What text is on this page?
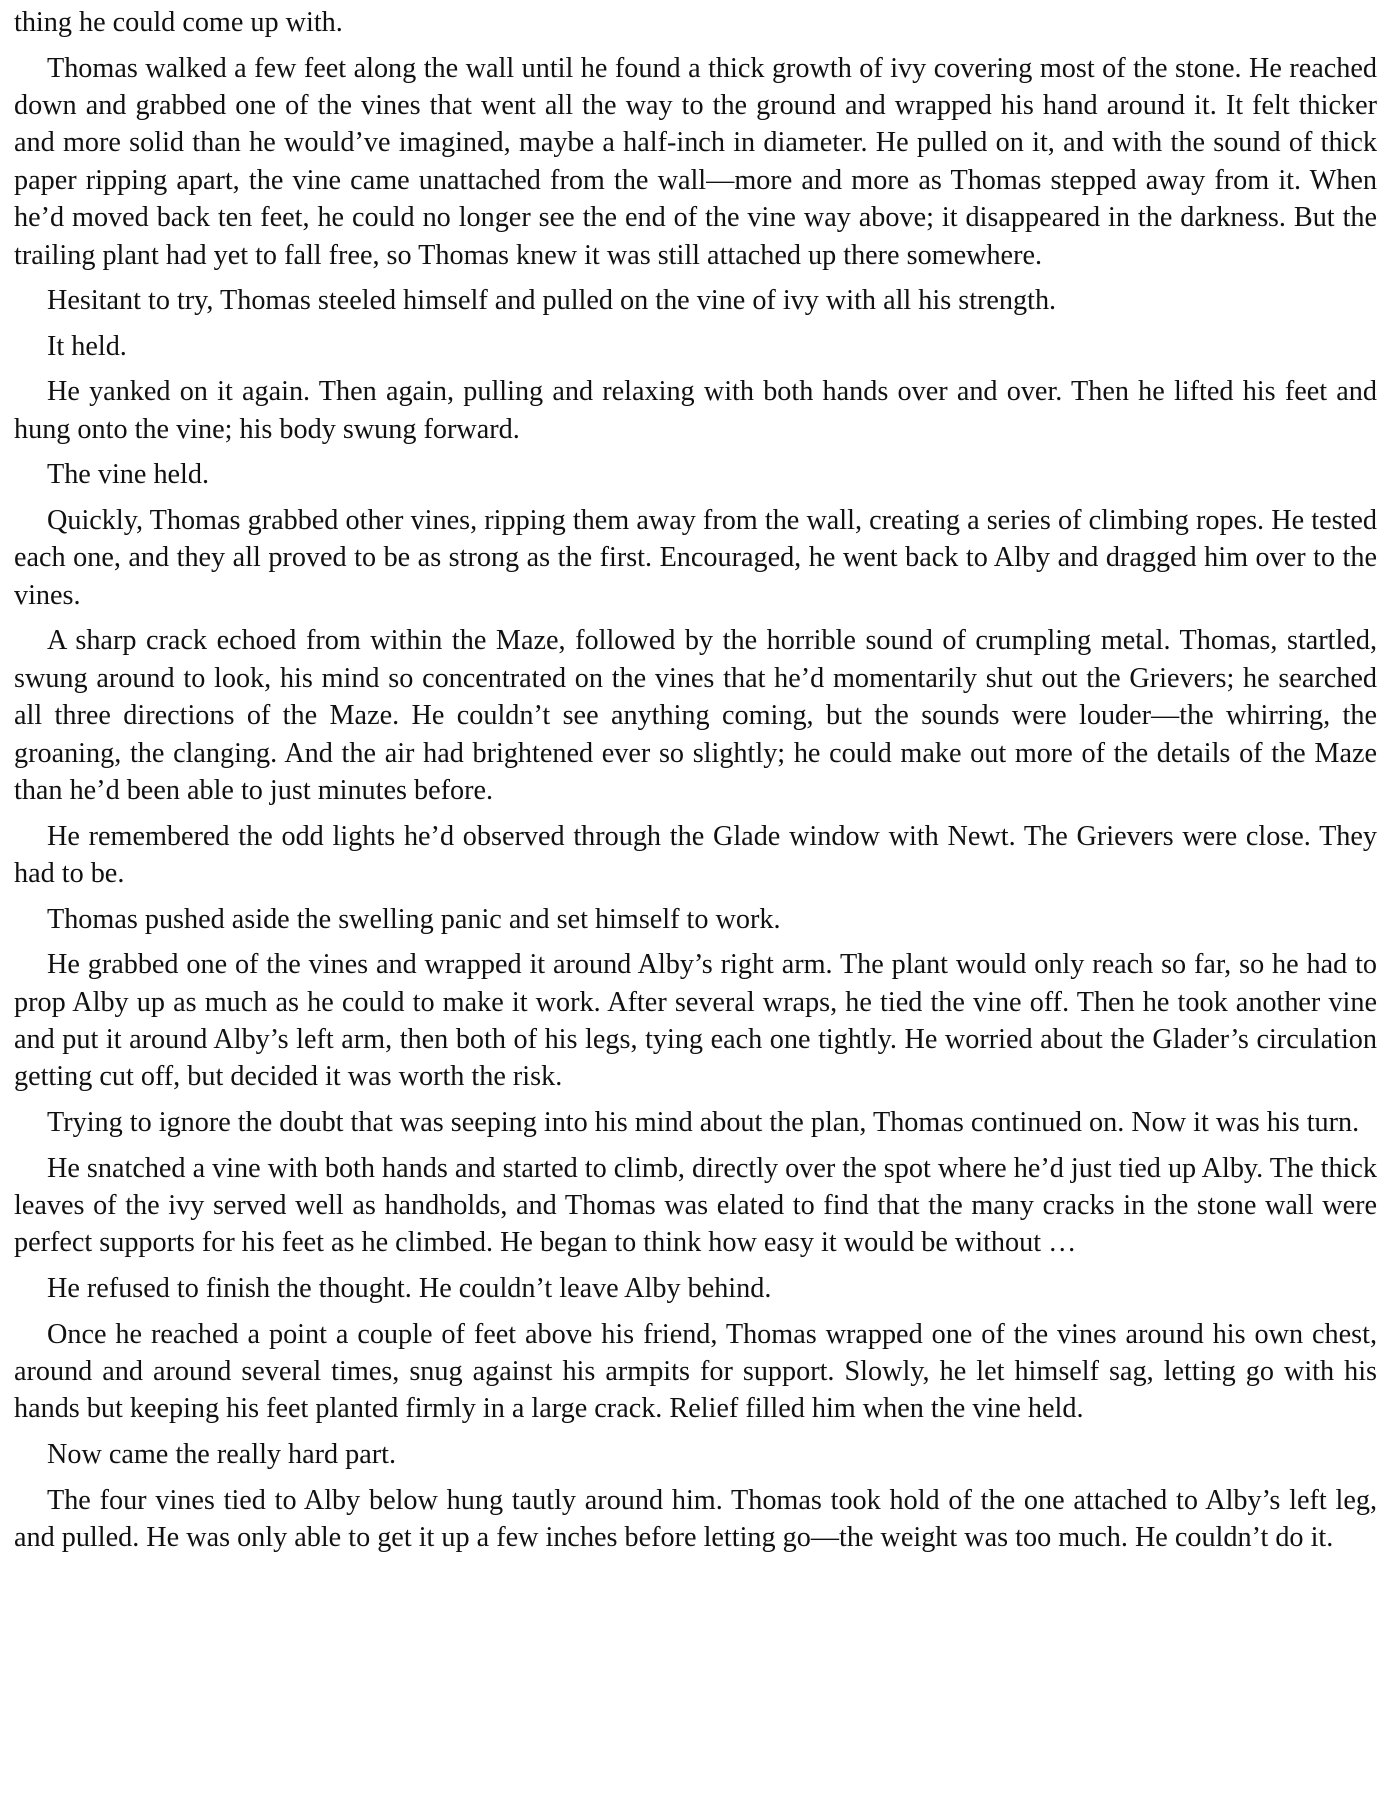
thing he could come up with.

Thomas walked a few feet along the wall until he found a thick growth of ivy covering most of the stone. He reached down and grabbed one of the vines that went all the way to the ground and wrapped his hand around it. It felt thicker and more solid than he would’ve imagined, maybe a half-inch in diameter. He pulled on it, and with the sound of thick paper ripping apart, the vine came unattached from the wall—more and more as Thomas stepped away from it. When he’d moved back ten feet, he could no longer see the end of the vine way above; it disappeared in the darkness. But the trailing plant had yet to fall free, so Thomas knew it was still attached up there somewhere.

Hesitant to try, Thomas steeled himself and pulled on the vine of ivy with all his strength.

It held.

He yanked on it again. Then again, pulling and relaxing with both hands over and over. Then he lifted his feet and hung onto the vine; his body swung forward.

The vine held.

Quickly, Thomas grabbed other vines, ripping them away from the wall, creating a series of climbing ropes. He tested each one, and they all proved to be as strong as the first. Encouraged, he went back to Alby and dragged him over to the vines.

A sharp crack echoed from within the Maze, followed by the horrible sound of crumpling metal. Thomas, startled, swung around to look, his mind so concentrated on the vines that he’d momentarily shut out the Grievers; he searched all three directions of the Maze. He couldn’t see anything coming, but the sounds were louder—the whirring, the groaning, the clanging. And the air had brightened ever so slightly; he could make out more of the details of the Maze than he’d been able to just minutes before.

He remembered the odd lights he’d observed through the Glade window with Newt. The Grievers were close. They had to be.

Thomas pushed aside the swelling panic and set himself to work.

He grabbed one of the vines and wrapped it around Alby’s right arm. The plant would only reach so far, so he had to prop Alby up as much as he could to make it work. After several wraps, he tied the vine off. Then he took another vine and put it around Alby’s left arm, then both of his legs, tying each one tightly. He worried about the Glader’s circulation getting cut off, but decided it was worth the risk.

Trying to ignore the doubt that was seeping into his mind about the plan, Thomas continued on. Now it was his turn.

He snatched a vine with both hands and started to climb, directly over the spot where he’d just tied up Alby. The thick leaves of the ivy served well as handholds, and Thomas was elated to find that the many cracks in the stone wall were perfect supports for his feet as he climbed. He began to think how easy it would be without …

He refused to finish the thought. He couldn’t leave Alby behind.

Once he reached a point a couple of feet above his friend, Thomas wrapped one of the vines around his own chest, around and around several times, snug against his armpits for support. Slowly, he let himself sag, letting go with his hands but keeping his feet planted firmly in a large crack. Relief filled him when the vine held.

Now came the really hard part.

The four vines tied to Alby below hung tautly around him. Thomas took hold of the one attached to Alby’s left leg, and pulled. He was only able to get it up a few inches before letting go—the weight was too much. He couldn’t do it.
